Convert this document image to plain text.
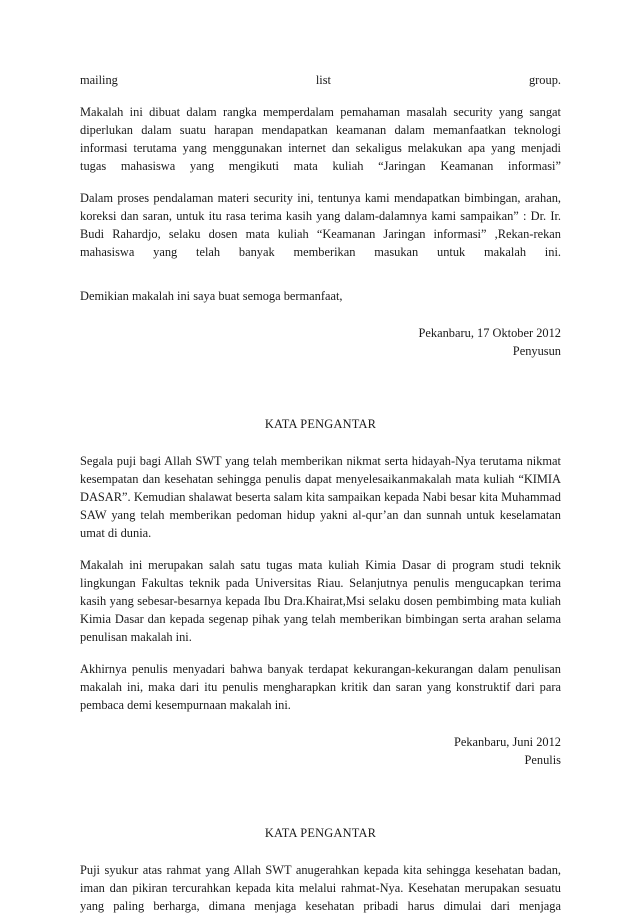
mailing list group.

Makalah ini dibuat dalam rangka memperdalam pemahaman masalah security yang sangat diperlukan dalam suatu harapan mendapatkan keamanan dalam memanfaatkan teknologi informasi terutama yang menggunakan internet dan sekaligus melakukan apa yang menjadi tugas mahasiswa yang mengikuti mata kuliah “Jaringan Keamanan informasi”

Dalam proses pendalaman materi security ini, tentunya kami mendapatkan bimbingan, arahan, koreksi dan saran, untuk itu rasa terima kasih yang dalam-dalamnya kami sampaikan” : Dr. Ir. Budi Rahardjo, selaku dosen mata kuliah “Keamanan Jaringan informasi” ,Rekan-rekan mahasiswa yang telah banyak memberikan masukan untuk makalah ini.

Demikian makalah ini saya buat semoga bermanfaat,

Pekanbaru, 17 Oktober 2012

Penyusun

KATA PENGANTAR

Segala puji bagi Allah SWT yang telah memberikan nikmat serta hidayah-Nya terutama nikmat kesempatan dan kesehatan sehingga penulis dapat menyelesaikanmakalah mata kuliah “KIMIA DASAR”. Kemudian shalawat beserta salam kita sampaikan kepada Nabi besar kita Muhammad SAW yang telah memberikan pedoman hidup yakni al-qur’an dan sunnah untuk keselamatan umat di dunia.

Makalah ini merupakan salah satu tugas mata kuliah Kimia Dasar di program studi teknik lingkungan Fakultas teknik pada Universitas Riau. Selanjutnya penulis mengucapkan terima kasih yang sebesar-besarnya kepada Ibu Dra.Khairat,Msi selaku dosen pembimbing mata kuliah Kimia Dasar dan kepada segenap pihak yang telah memberikan bimbingan serta arahan selama penulisan makalah ini.

Akhirnya penulis menyadari bahwa banyak terdapat kekurangan-kekurangan dalam penulisan makalah ini, maka dari itu penulis mengharapkan kritik dan saran yang konstruktif dari para pembaca demi kesempurnaan makalah ini.

Pekanbaru, Juni 2012

Penulis

KATA PENGANTAR

Puji syukur atas rahmat yang Allah SWT anugerahkan kepada kita sehingga kesehatan badan, iman dan pikiran tercurahkan kepada kita melalui rahmat-Nya. Kesehatan merupakan sesuatu yang paling berharga, dimana menjaga kesehatan pribadi harus dimulai dari menjaga
